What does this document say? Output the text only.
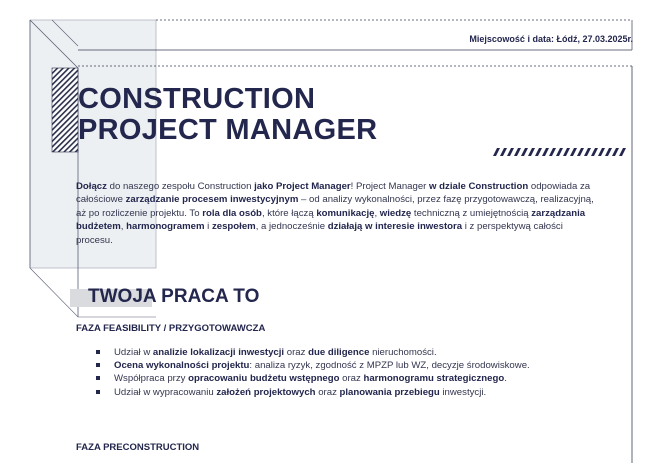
Miejscowość i data: Łódź, 27.03.2025r.
CONSTRUCTION
PROJECT MANAGER

Dołącz do naszego zespołu Construction jako Project Manager! Project Manager w dziale Construction odpowiada za całościowe zarządzanie procesem inwestycyjnym – od analizy wykonalności, przez fazę przygotowawczą, realizacyjną, aż po rozliczenie projektu. To rola dla osób, które łączą komunikację, wiedzę techniczną z umiejętnością zarządzania budżetem, harmonogramem i zespołem, a jednocześnie działają w interesie inwestora i z perspektywą całości procesu.

TWOJA PRACA TO
FAZA FEASIBILITY / PRZYGOTOWAWCZA
Udział w analizie lokalizacji inwestycji oraz due diligence nieruchomości.
Ocena wykonalności projektu: analiza ryzyk, zgodność z MPZP lub WZ, decyzje środowiskowe.
Współpraca przy opracowaniu budżetu wstępnego oraz harmonogramu strategicznego.
Udział w wypracowaniu założeń projektowych oraz planowania przebiegu inwestycji.
FAZA PRECONSTRUCTION
